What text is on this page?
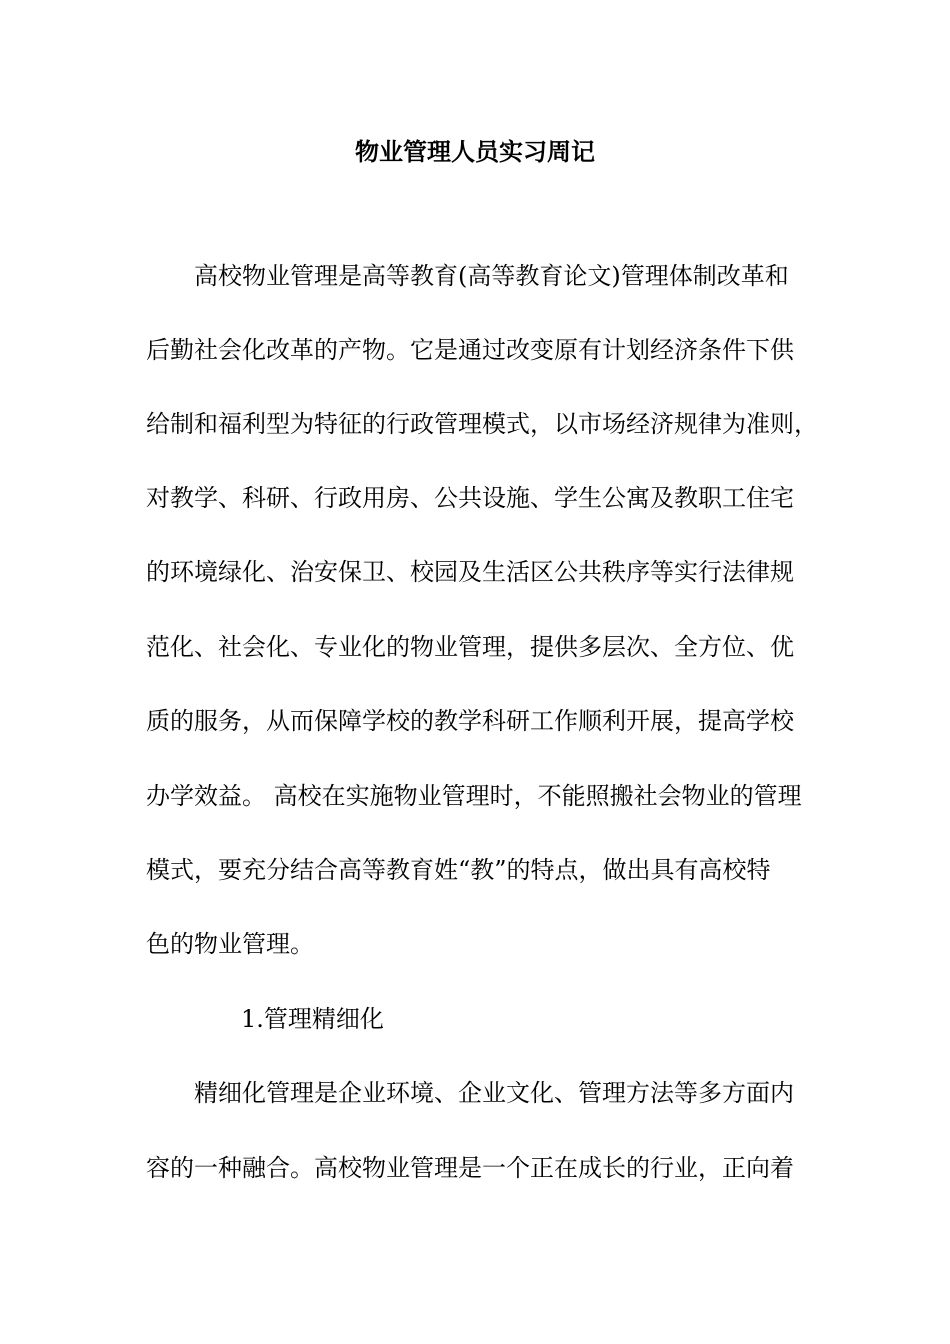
物业管理人员实习周记

高校物业管理是高等教育(高等教育论文)管理体制改革和

后勤社会化改革的产物。它是通过改变原有计划经济条件下供

给制和福利型为特征的行政管理模式，以市场经济规律为准则，

对教学、科研、行政用房、公共设施、学生公寓及教职工住宅

的环境绿化、治安保卫、校园及生活区公共秩序等实行法律规

范化、社会化、专业化的物业管理，提供多层次、全方位、优

质的服务，从而保障学校的教学科研工作顺利开展，提高学校

办学效益。 高校在实施物业管理时，不能照搬社会物业的管理

模式，要充分结合高等教育姓“教”的特点，做出具有高校特

色的物业管理。

1.管理精细化

精细化管理是企业环境、企业文化、管理方法等多方面内

容的一种融合。高校物业管理是一个正在成长的行业，正向着
